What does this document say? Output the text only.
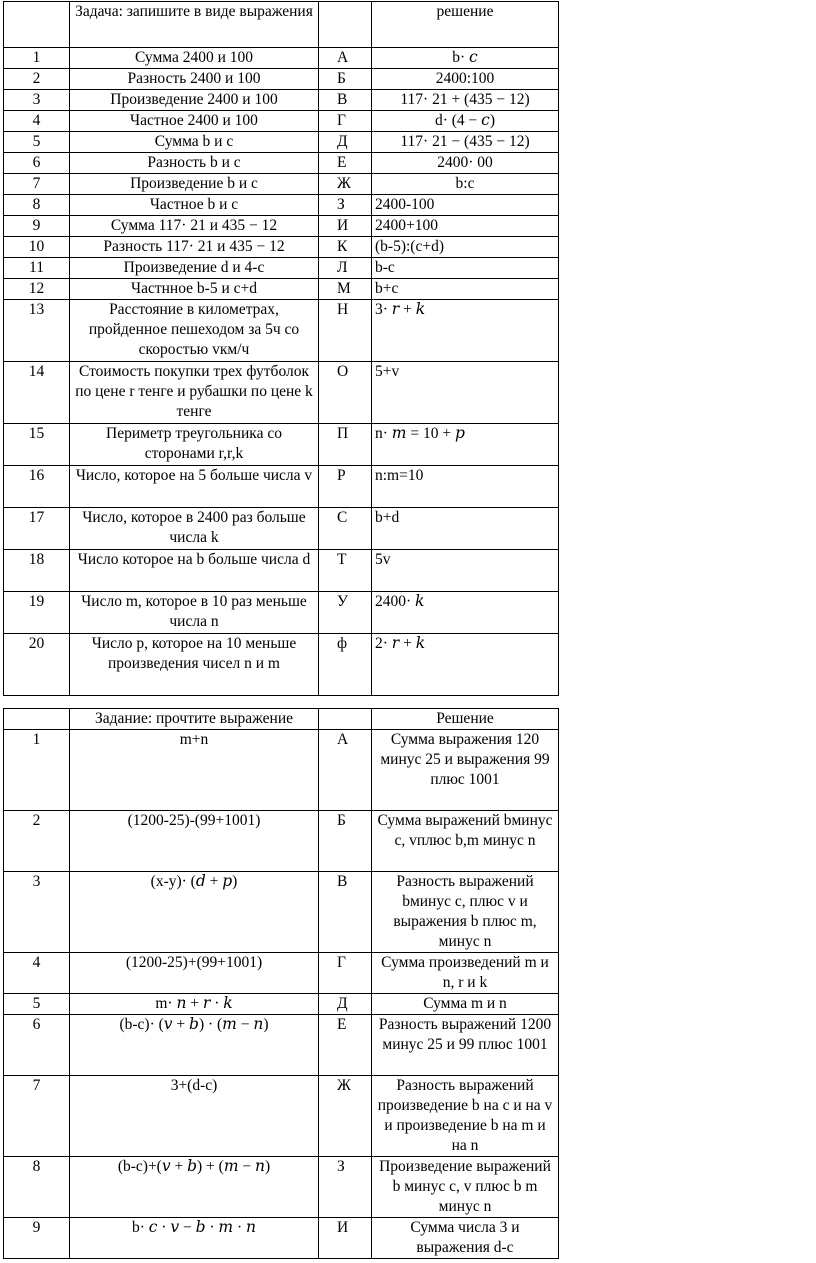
	Задача: запишите в виде выражения		решение
1	Сумма 2400 и 100	А	b· 𝑐
2	Разность 2400 и 100	Б	2400:100
3	Произведение 2400 и 100	В	117· 21 + (435 − 12)
4	Частное 2400 и 100	Г	d· (4 − 𝑐)
5	Сумма b и c	Д	117· 21 − (435 − 12)
6	Разность b и c	Е	2400· 00
7	Произведение b и c	Ж	b:c
8	Частное b и c	З	2400-100
9	Сумма 117· 21 и 435 − 12	И	2400+100
10	Разность 117· 21 и 435 − 12	К	(b-5):(c+d)
11	Произведение d и 4-c	Л	b-c
12	Частнное b-5 и c+d	М	b+c
13	Расстояние в километрах, пройденное пешеходом за 5ч со скоростью vкм/ч	Н	3· 𝑟 + 𝑘
14	Стоимость покупки трех футболок по цене r тенге и рубашки по цене k тенге	О	5+v
15	Периметр треугольника со сторонами r,r,k	П	n· 𝑚 = 10 + 𝑝
16	Число, которое на 5 больше числа v	Р	n:m=10
17	Число, которое в 2400 раз больше числа k	С	b+d
18	Число которое на b больше числа d	Т	5v
19	Число m, которое в 10 раз меньше числа n	У	2400· 𝑘
20	Число p, которое на 10 меньше произведения чисел n и m	ф	2· 𝑟 + 𝑘
	Задание: прочтите выражение		Решение
1	m+n	А	Сумма выражения 120 минус 25 и выражения 99 плюс 1001
2	(1200-25)-(99+1001)	Б	Сумма выражений bминус c, vплюс b,m минус n
3	(x-y)· (𝑑 + 𝑝)	В	Разность выражений bминус c, плюс v и выражения b плюс m, минус n
4	(1200-25)+(99+1001)	Г	Сумма произведений m и n, r и k
5	m· 𝑛 + 𝑟 · 𝑘	Д	Сумма m и n
6	(b-c)· (𝑣 + 𝑏) · (𝑚 − 𝑛)	Е	Разность выражений 1200 минус 25 и 99 плюс 1001
7	3+(d-c)	Ж	Разность выражений произведение b на c и на v и произведение b на m и на n
8	(b-c)+(𝑣 + 𝑏) + (𝑚 − 𝑛)	З	Произведение выражений b минус c, v плюс b m минус n
9	b· 𝑐 · 𝑣 − 𝑏 · 𝑚 · 𝑛	И	Сумма числа 3 и выражения d-c
